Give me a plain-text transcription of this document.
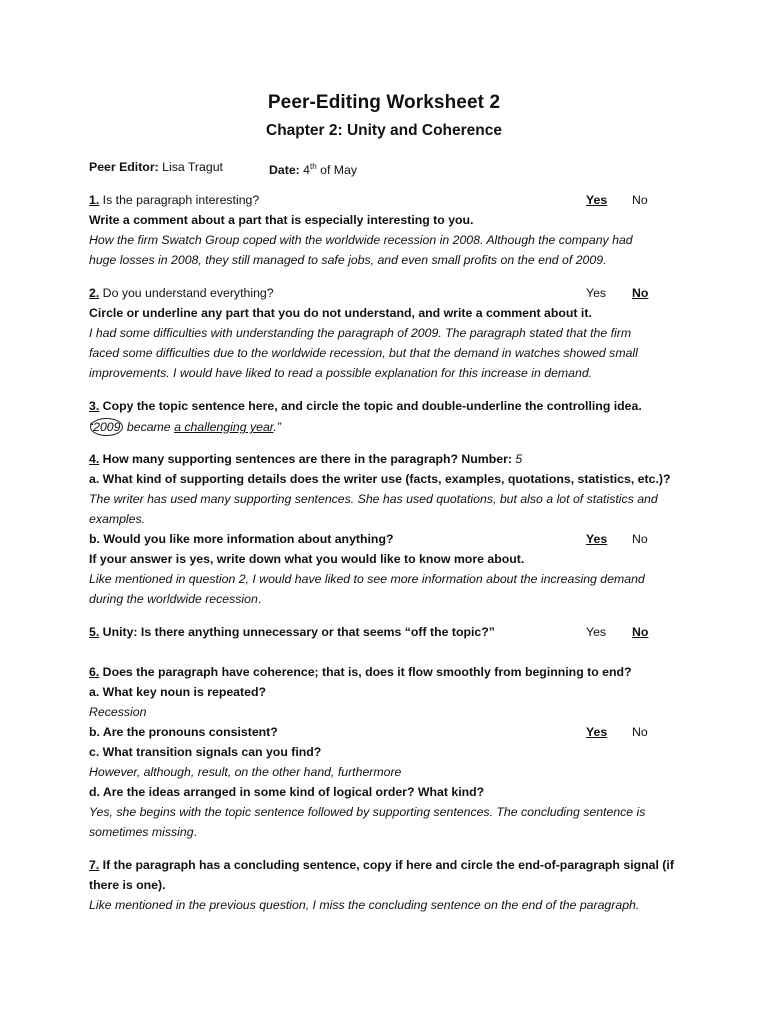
Peer-Editing Worksheet 2
Chapter 2: Unity and Coherence
Peer Editor: Lisa Tragut	Date: 4th of May
1. Is the paragraph interesting?	Yes No
Write a comment about a part that is especially interesting to you.
How the firm Swatch Group coped with the worldwide recession in 2008. Although the company had
huge losses in 2008, they still managed to safe jobs, and even small profits on the end of 2009.
2. Do you understand everything?	Yes No
Circle or underline any part that you do not understand, and write a comment about it.
I had some difficulties with understanding the paragraph of 2009. The paragraph stated that the firm
faced some difficulties due to the worldwide recession, but that the demand in watches showed small
improvements. I would have liked to read a possible explanation for this increase in demand.
3. Copy the topic sentence here, and circle the topic and double-underline the controlling idea.
“2009 became a challenging year.”
4. How many supporting sentences are there in the paragraph? Number: 5
a. What kind of supporting details does the writer use (facts, examples, quotations, statistics, etc.)?
The writer has used many supporting sentences. She has used quotations, but also a lot of statistics and
examples.
b. Would you like more information about anything?	Yes No
If your answer is yes, write down what you would like to know more about.
Like mentioned in question 2, I would have liked to see more information about the increasing demand
during the worldwide recession.
5. Unity: Is there anything unnecessary or that seems “off the topic?”	Yes No
6. Does the paragraph have coherence; that is, does it flow smoothly from beginning to end?
a. What key noun is repeated?
Recession
b. Are the pronouns consistent?	Yes No
c. What transition signals can you find?
However, although, result, on the other hand, furthermore
d. Are the ideas arranged in some kind of logical order? What kind?
Yes, she begins with the topic sentence followed by supporting sentences. The concluding sentence is
sometimes missing.
7. If the paragraph has a concluding sentence, copy if here and circle the end-of-paragraph signal (if
there is one).
Like mentioned in the previous question, I miss the concluding sentence on the end of the paragraph.
